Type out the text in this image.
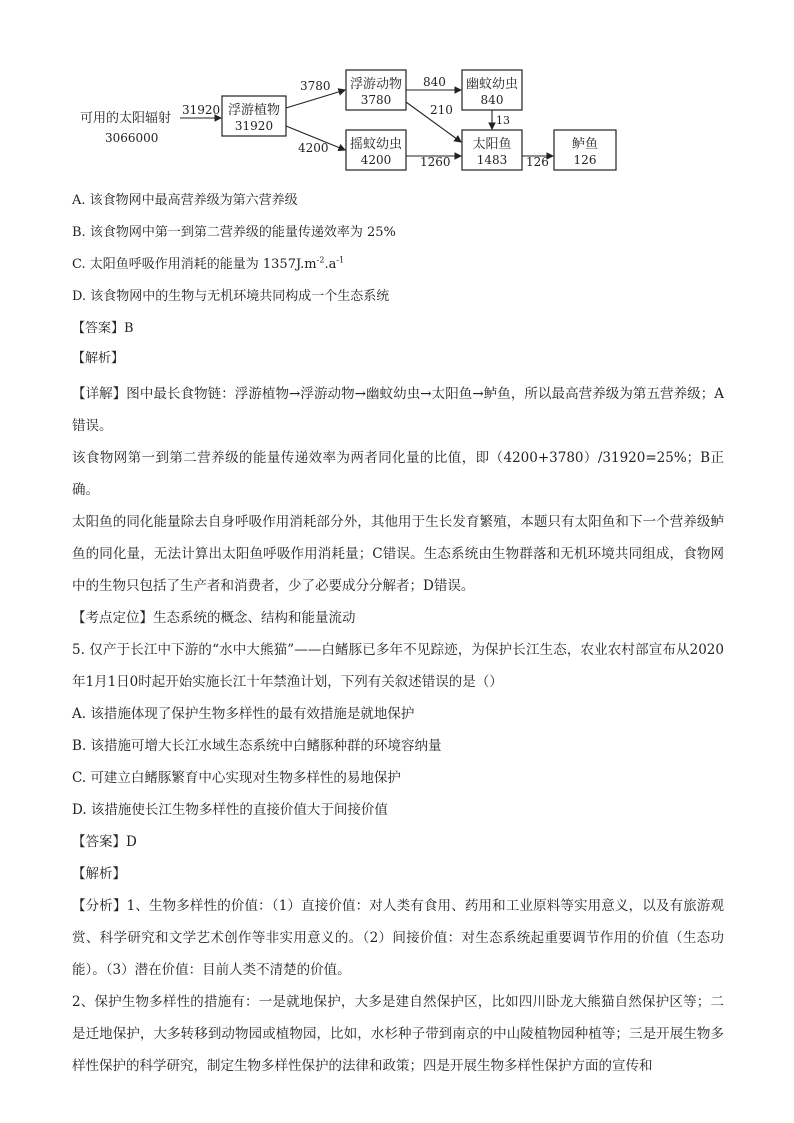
可用的太阳辐射
3066000
浮游植物
31920
浮游动物
3780
摇蚊幼虫
4200
幽蚊幼虫
840
太阳鱼
1483
鲈鱼
126
31920
3780
4200
840
210
13
1260	126

A. 该食物网中最高营养级为第六营养级

B. 该食物网中第一到第二营养级的能量传递效率为 25%

C. 太阳鱼呼吸作用消耗的能量为 $1357J.m^{-2}.a^{-1}$

D. 该食物网中的生物与无机环境共同构成一个生态系统

【答案】B

【解析】

【详解】图中最长食物链：浮游植物→浮游动物→幽蚊幼虫→太阳鱼→鲈鱼，所以最高营养级为第五营养级；A错误。

该食物网第一到第二营养级的能量传递效率为两者同化量的比值，即（4200+3780）/31920=25%；B正确。

太阳鱼的同化能量除去自身呼吸作用消耗部分外，其他用于生长发育繁殖，本题只有太阳鱼和下一个营养级鲈鱼的同化量，无法计算出太阳鱼呼吸作用消耗量；C错误。生态系统由生物群落和无机环境共同组成，食物网中的生物只包括了生产者和消费者，少了必要成分分解者；D错误。

【考点定位】生态系统的概念、结构和能量流动

5. 仅产于长江中下游的“水中大熊猫”——白鳍豚已多年不见踪迹，为保护长江生态，农业农村部宣布从2020年1月1日0时起开始实施长江十年禁渔计划，下列有关叙述错误的是（）

A. 该措施体现了保护生物多样性的最有效措施是就地保护

B. 该措施可增大长江水域生态系统中白鳍豚种群的环境容纳量

C. 可建立白鳍豚繁育中心实现对生物多样性的易地保护

D. 该措施使长江生物多样性的直接价值大于间接价值

【答案】D

【解析】

【分析】1、生物多样性的价值：（1）直接价值：对人类有食用、药用和工业原料等实用意义，以及有旅游观赏、科学研究和文学艺术创作等非实用意义的。（2）间接价值：对生态系统起重要调节作用的价值（生态功能）。（3）潜在价值：目前人类不清楚的价值。

2、保护生物多样性的措施有：一是就地保护，大多是建自然保护区，比如四川卧龙大熊猫自然保护区等；二是迁地保护，大多转移到动物园或植物园，比如，水杉种子带到南京的中山陵植物园种植等；三是开展生物多样性保护的科学研究，制定生物多样性保护的法律和政策；四是开展生物多样性保护方面的宣传和
